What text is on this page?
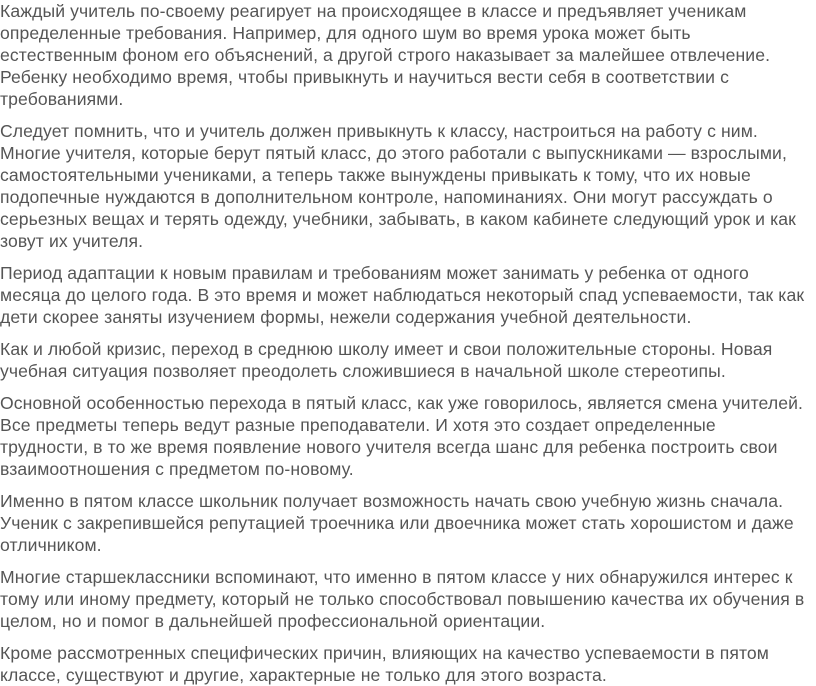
Каждый учитель по-своему реагирует на происходящее в классе и предъявляет ученикам определенные требования. Например, для одного шум во время урока может быть естественным фоном его объяснений, а другой строго наказывает за малейшее отвлечение. Ребенку необходимо время, чтобы привыкнуть и научиться вести себя в соответствии с требованиями.

Следует помнить, что и учитель должен привыкнуть к классу, настроиться на работу с ним. Многие учителя, которые берут пятый класс, до этого работали с выпускниками — взрослыми, самостоятельными учениками, а теперь также вынуждены привыкать к тому, что их новые подопечные нуждаются в дополнительном контроле, напоминаниях. Они могут рассуждать о серьезных вещах и терять одежду, учебники, забывать, в каком кабинете следующий урок и как зовут их учителя.

Период адаптации к новым правилам и требованиям может занимать у ребенка от одного месяца до целого года. В это время и может наблюдаться некоторый спад успеваемости, так как дети скорее заняты изучением формы, нежели содержания учебной деятельности.

Как и любой кризис, переход в среднюю школу имеет и свои положительные стороны. Новая учебная ситуация позволяет преодолеть сложившиеся в начальной школе стереотипы.

Основной особенностью перехода в пятый класс, как уже говорилось, является смена учителей. Все предметы теперь ведут разные преподаватели. И хотя это создает определенные трудности, в то же время появление нового учителя всегда шанс для ребенка построить свои взаимоотношения с предметом по-новому.

Именно в пятом классе школьник получает возможность начать свою учебную жизнь сначала. Ученик с закрепившейся репутацией троечника или двоечника может стать хорошистом и даже отличником.

Многие старшеклассники вспоминают, что именно в пятом классе у них обнаружился интерес к тому или иному предмету, который не только способствовал повышению качества их обучения в целом, но и помог в дальнейшей профессиональной ориентации.

Кроме рассмотренных специфических причин, влияющих на качество успеваемости в пятом классе, существуют и другие, характерные не только для этого возраста.
